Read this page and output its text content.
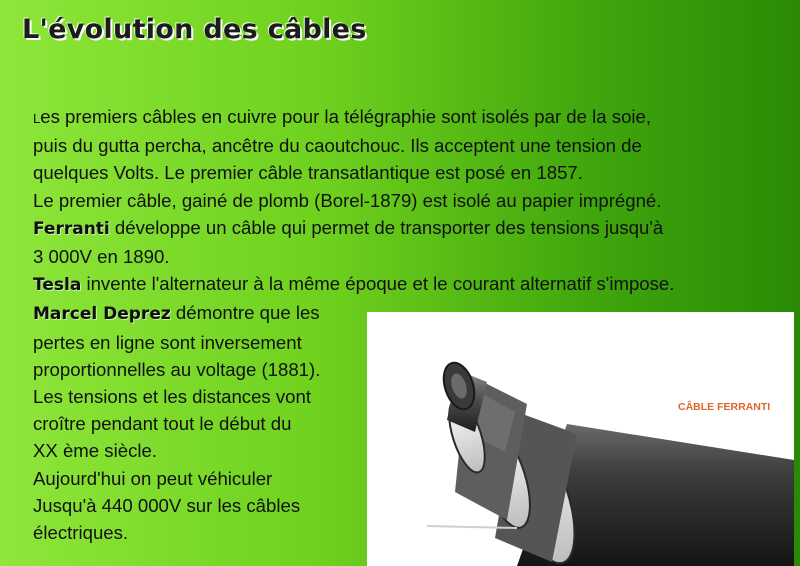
L'évolution des câbles

Les premiers câbles en cuivre pour la télégraphie sont isolés par de la soie,

puis du gutta percha, ancêtre du caoutchouc. Ils acceptent une tension de

quelques Volts. Le premier câble transatlantique est posé en 1857.

Le premier câble, gainé de plomb (Borel-1879) est isolé au papier imprégné.

Ferranti développe un câble qui permet de transporter des tensions jusqu'à

3 000V en 1890.

Tesla invente l'alternateur à la même époque et le courant alternatif s'impose.

Marcel Deprez démontre que les

pertes en ligne sont inversement

proportionnelles au voltage (1881).

Les tensions et les distances vont

croître pendant tout le début du

XX ème siècle.

Aujourd'hui on peut véhiculer

Jusqu'à 440 000V sur les câbles

électriques.

CÂBLE FERRANTI
